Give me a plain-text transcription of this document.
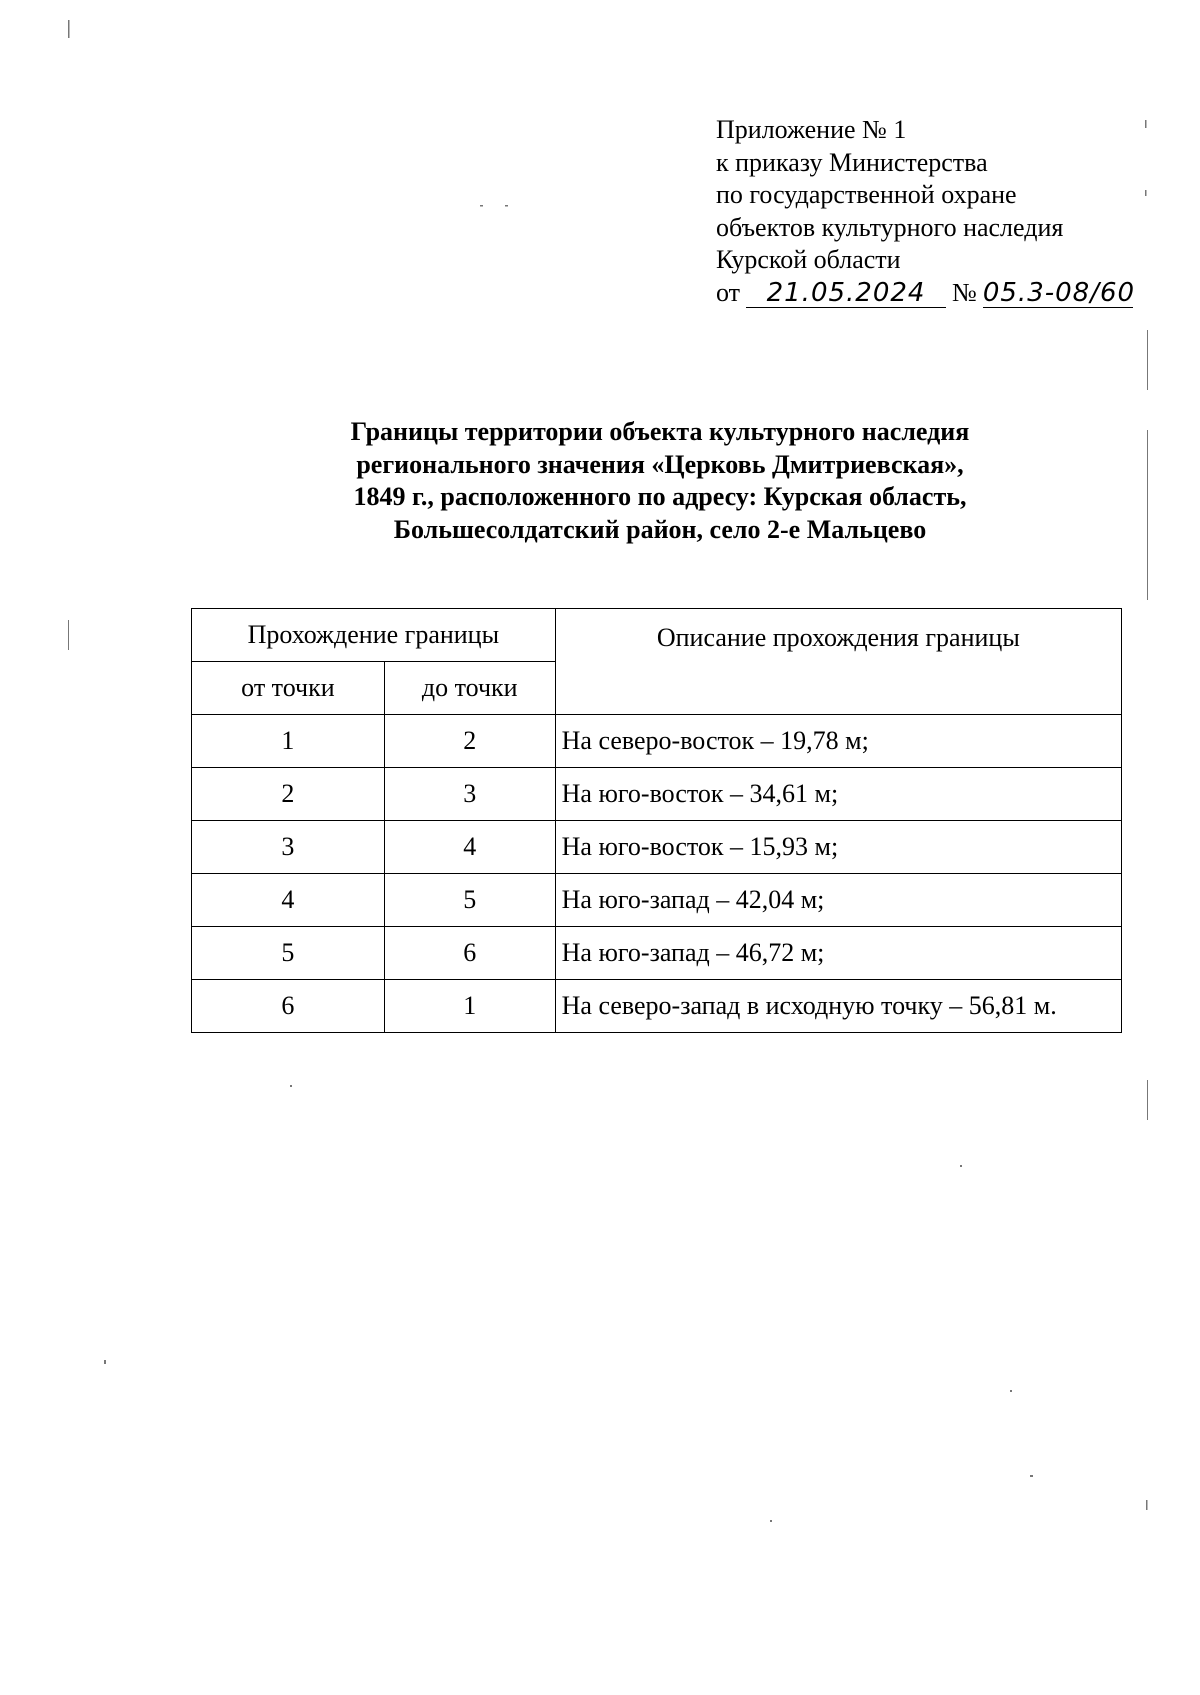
Приложение № 1
к приказу Министерства
по государственной охране
объектов культурного наследия
Курской области
от 21.05.2024 № 05.3-08/60
Границы территории объекта культурного наследия
регионального значения «Церковь Дмитриевская»,
1849 г., расположенного по адресу: Курская область,
Большесолдатский район, село 2-е Мальцево
Прохождение границы		Описание прохождения границы
от точки	до точки	
1	2	На северо-восток – 19,78 м;
2	3	На юго-восток – 34,61 м;
3	4	На юго-восток – 15,93 м;
4	5	На юго-запад – 42,04 м;
5	6	На юго-запад – 46,72 м;
6	1	На северо-запад в исходную точку – 56,81 м.
